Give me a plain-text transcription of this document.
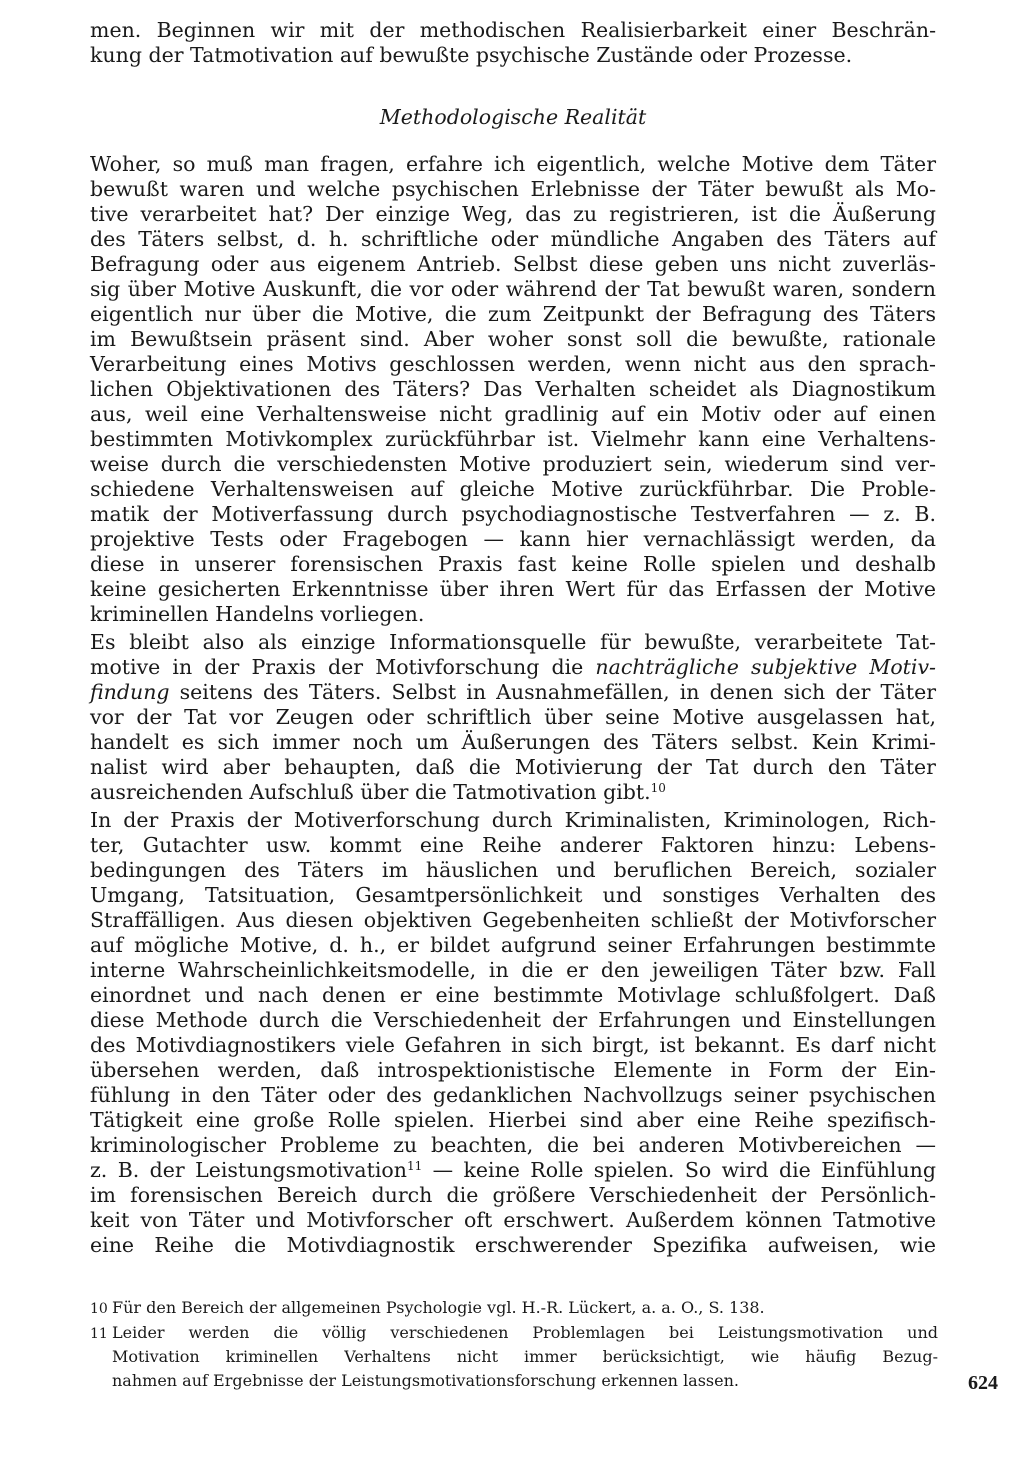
men. Beginnen wir mit der methodischen Realisierbarkeit einer Beschrän-
kung der Tatmotivation auf bewußte psychische Zustände oder Prozesse.
Methodologische Realität
Woher, so muß man fragen, erfahre ich eigentlich, welche Motive dem Täter
bewußt waren und welche psychischen Erlebnisse der Täter bewußt als Mo-
tive verarbeitet hat? Der einzige Weg, das zu registrieren, ist die Äußerung
des Täters selbst, d. h. schriftliche oder mündliche Angaben des Täters auf
Befragung oder aus eigenem Antrieb. Selbst diese geben uns nicht zuverläs-
sig über Motive Auskunft, die vor oder während der Tat bewußt waren, sondern
eigentlich nur über die Motive, die zum Zeitpunkt der Befragung des Täters
im Bewußtsein präsent sind. Aber woher sonst soll die bewußte, rationale
Verarbeitung eines Motivs geschlossen werden, wenn nicht aus den sprach-
lichen Objektivationen des Täters? Das Verhalten scheidet als Diagnostikum
aus, weil eine Verhaltensweise nicht gradlinig auf ein Motiv oder auf einen
bestimmten Motivkomplex zurückführbar ist. Vielmehr kann eine Verhaltens-
weise durch die verschiedensten Motive produziert sein, wiederum sind ver-
schiedene Verhaltensweisen auf gleiche Motive zurückführbar. Die Proble-
matik der Motiverfassung durch psychodiagnostische Testverfahren — z. B.
projektive Tests oder Fragebogen — kann hier vernachlässigt werden, da
diese in unserer forensischen Praxis fast keine Rolle spielen und deshalb
keine gesicherten Erkenntnisse über ihren Wert für das Erfassen der Motive
kriminellen Handelns vorliegen.
Es bleibt also als einzige Informationsquelle für bewußte, verarbeitete Tat-
motive in der Praxis der Motivforschung die nachträgliche subjektive Motiv-
findung seitens des Täters. Selbst in Ausnahmefällen, in denen sich der Täter
vor der Tat vor Zeugen oder schriftlich über seine Motive ausgelassen hat,
handelt es sich immer noch um Äußerungen des Täters selbst. Kein Krimi-
nalist wird aber behaupten, daß die Motivierung der Tat durch den Täter
ausreichenden Aufschluß über die Tatmotivation gibt.$^{10}$
In der Praxis der Motiverforschung durch Kriminalisten, Kriminologen, Rich-
ter, Gutachter usw. kommt eine Reihe anderer Faktoren hinzu: Lebens-
bedingungen des Täters im häuslichen und beruflichen Bereich, sozialer
Umgang, Tatsituation, Gesamtpersönlichkeit und sonstiges Verhalten des
Straffälligen. Aus diesen objektiven Gegebenheiten schließt der Motivforscher
auf mögliche Motive, d. h., er bildet aufgrund seiner Erfahrungen bestimmte
interne Wahrscheinlichkeitsmodelle, in die er den jeweiligen Täter bzw. Fall
einordnet und nach denen er eine bestimmte Motivlage schlußfolgert. Daß
diese Methode durch die Verschiedenheit der Erfahrungen und Einstellungen
des Motivdiagnostikers viele Gefahren in sich birgt, ist bekannt. Es darf nicht
übersehen werden, daß introspektionistische Elemente in Form der Ein-
fühlung in den Täter oder des gedanklichen Nachvollzugs seiner psychischen
Tätigkeit eine große Rolle spielen. Hierbei sind aber eine Reihe spezifisch-
kriminologischer Probleme zu beachten, die bei anderen Motivbereichen —
z. B. der Leistungsmotivation$^{11}$ — keine Rolle spielen. So wird die Einfühlung
im forensischen Bereich durch die größere Verschiedenheit der Persönlich-
keit von Täter und Motivforscher oft erschwert. Außerdem können Tatmotive
eine Reihe die Motivdiagnostik erschwerender Spezifika aufweisen, wie
10 Für den Bereich der allgemeinen Psychologie vgl. H.-R. Lückert, a. a. O., S. 138.
11 Leider werden die völlig verschiedenen Problemlagen bei Leistungsmotivation und
Motivation kriminellen Verhaltens nicht immer berücksichtigt, wie häufig Bezug-
nahmen auf Ergebnisse der Leistungsmotivationsforschung erkennen lassen.	624
